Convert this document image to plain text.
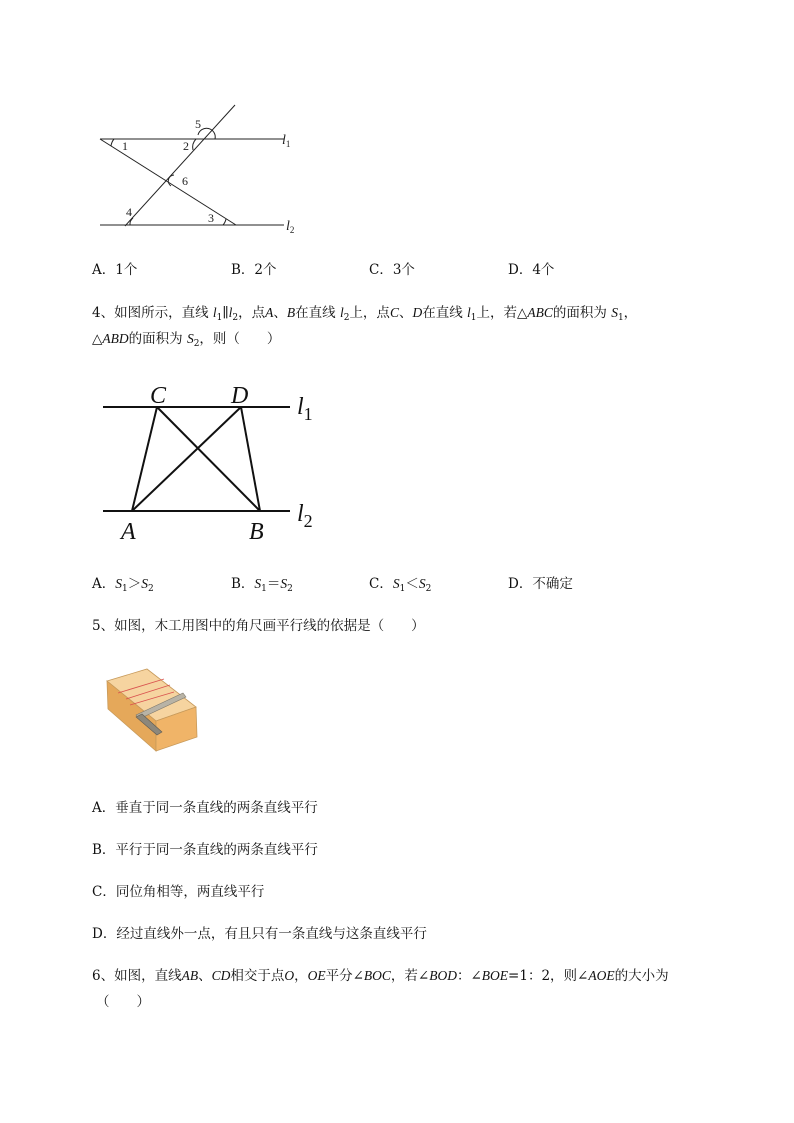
1	2
3
4
5
6
$l_1$
$l_2$
A．1个	B．2个	C．3个	D．4个
4、如图所示，直线 $l_1\parallel l_2$，点A、B在直线 $l_2$上，点C、D在直线 $l_1$上，若△ABC的面积为 $S_1$，
△ABD的面积为 $S_2$，则（　　）
C	D
A	B
$l_1$
$l_2$
A．$S_1>S_2$	B．$S_1=S_2$	C．$S_1<S_2$	D．不确定
5、如图，木工用图中的角尺画平行线的依据是（　　）
A．垂直于同一条直线的两条直线平行
B．平行于同一条直线的两条直线平行
C．同位角相等，两直线平行
D．经过直线外一点，有且只有一条直线与这条直线平行
6、如图，直线AB、CD相交于点O，OE平分∠BOC，若∠BOD：∠BOE=1：2，则∠AOE的大小为
（　　）
